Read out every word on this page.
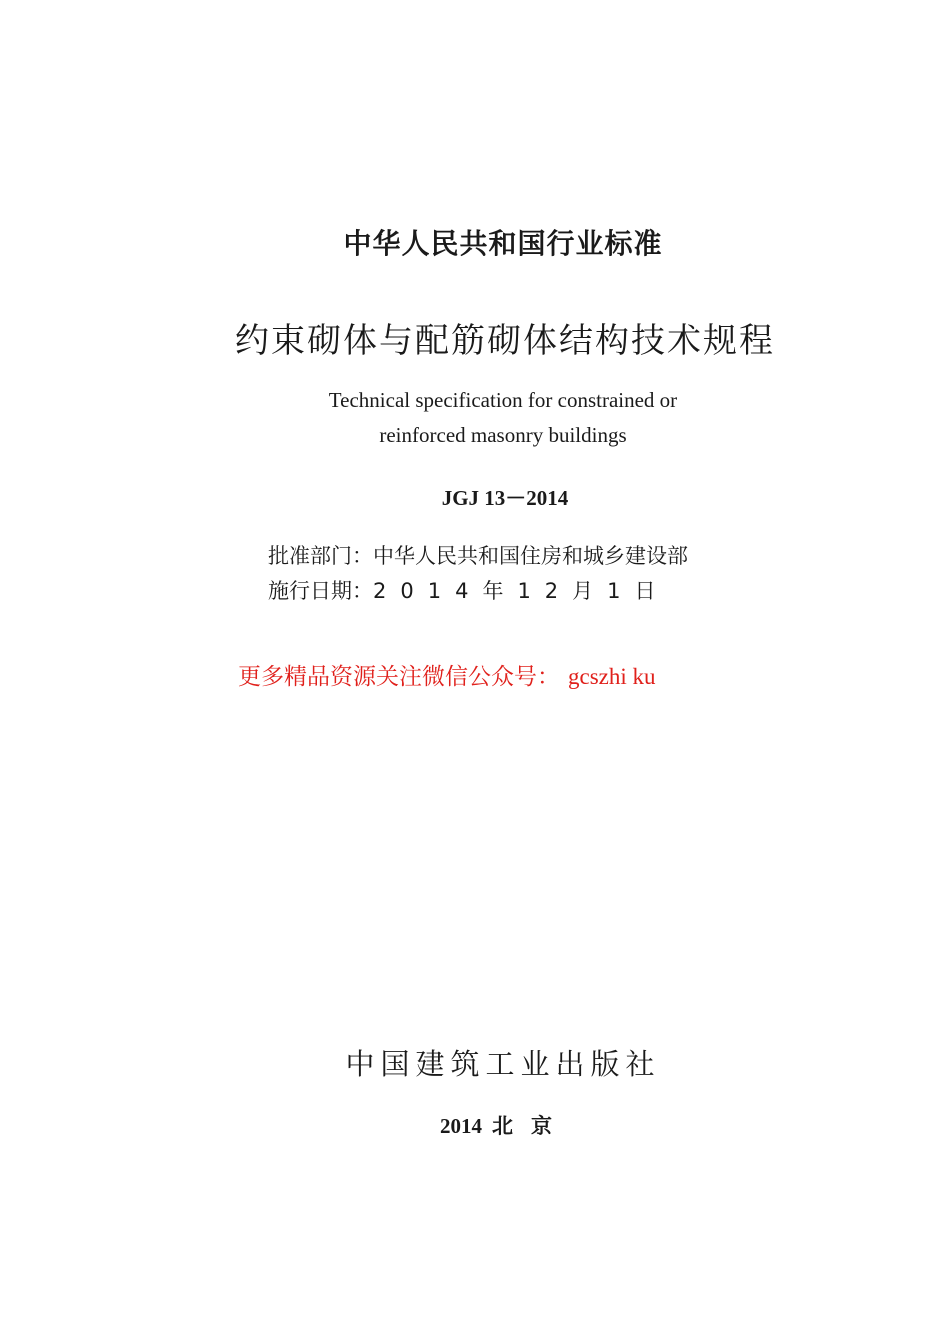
中华人民共和国行业标准
约束砌体与配筋砌体结构技术规程
Technical specification for constrained or
reinforced masonry buildings
JGJ 13－2014
批准部门：中华人民共和国住房和城乡建设部
施行日期：2014年12月1日
更多精品资源关注微信公众号： gcszhi ku
中国建筑工业出版社
2014 北京
